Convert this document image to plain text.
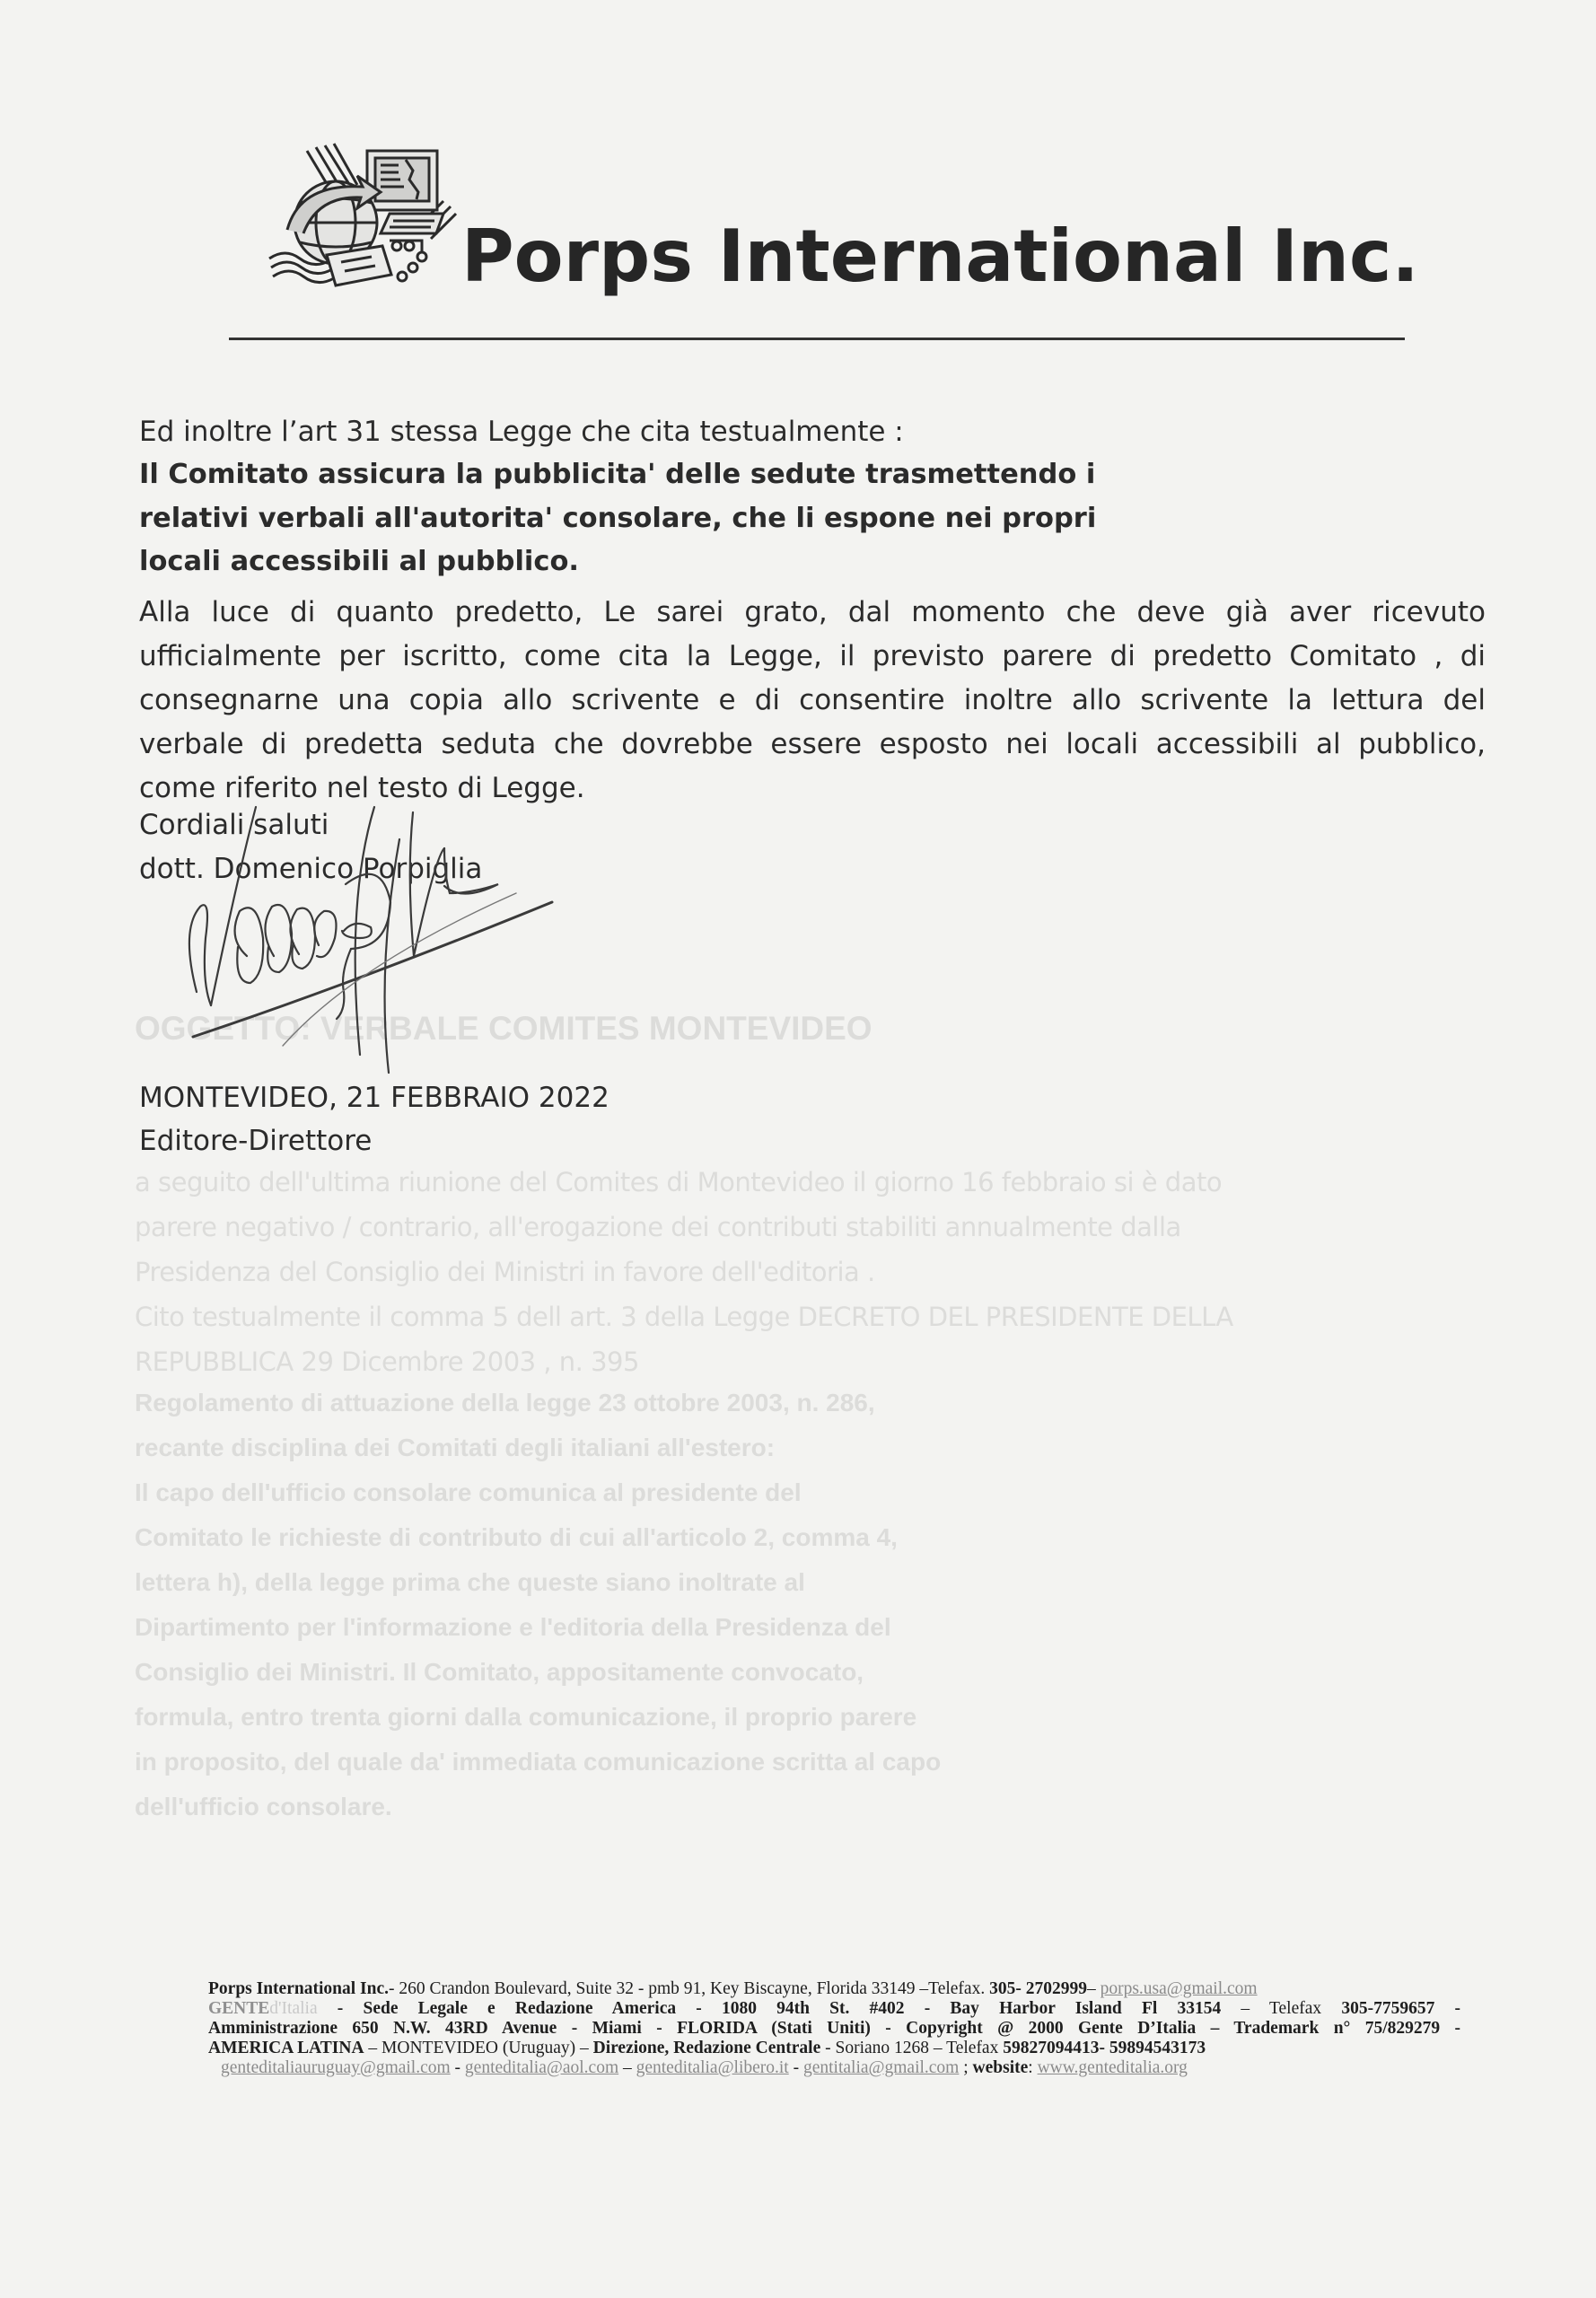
OGGETTO: VERBALE COMITES MONTEVIDEO
a seguito dell'ultima riunione del Comites di Montevideo il giorno 16 febbraio si è dato
parere negativo / contrario, all'erogazione dei contributi stabiliti annualmente dalla
Presidenza del Consiglio dei Ministri in favore dell'editoria .
Cito testualmente il comma 5 dell art. 3 della Legge DECRETO DEL PRESIDENTE DELLA
REPUBBLICA 29 Dicembre 2003 , n. 395
Regolamento di attuazione della legge 23 ottobre 2003, n. 286,
recante disciplina dei Comitati degli italiani all'estero:
Il capo dell'ufficio consolare comunica al presidente del
Comitato le richieste di contributo di cui all'articolo 2, comma 4,
lettera h), della legge prima che queste siano inoltrate al
Dipartimento per l'informazione e l'editoria della Presidenza del
Consiglio dei Ministri. Il Comitato, appositamente convocato,
formula, entro trenta giorni dalla comunicazione, il proprio parere
in proposito, del quale da' immediata comunicazione scritta al capo
dell'ufficio consolare.
Porps International Inc.
Ed inoltre l’art 31 stessa Legge che cita testualmente :
Il Comitato assicura la pubblicita' delle sedute trasmettendo i
relativi verbali all'autorita' consolare, che li espone nei propri
locali accessibili al pubblico.
Alla luce di quanto predetto, Le sarei grato, dal momento che deve già aver ricevuto
ufficialmente per iscritto, come cita la Legge, il previsto parere di predetto Comitato , di
consegnarne una copia allo scrivente e di consentire inoltre allo scrivente la lettura del
verbale di predetta seduta che dovrebbe essere esposto nei locali accessibili al pubblico,
come riferito nel testo di Legge.
Cordiali saluti
dott. Domenico Porpiglia
MONTEVIDEO, 21 FEBBRAIO 2022
Editore-Direttore
Porps International Inc.- 260 Crandon Boulevard, Suite 32 - pmb 91, Key Biscayne, Florida 33149 –Telefax. 305- 2702999– porps.usa@gmail.com
GENTEd'Italia - Sede Legale e Redazione America - 1080 94th St. #402 - Bay Harbor Island Fl 33154 – Telefax 305-7759657 -
Amministrazione 650 N.W. 43RD Avenue - Miami - FLORIDA (Stati Uniti) - Copyright @ 2000 Gente D’Italia – Trademark n° 75/829279 -
AMERICA LATINA – MONTEVIDEO (Uruguay) – Direzione, Redazione Centrale - Soriano 1268 – Telefax 59827094413- 59894543173
genteditaliauruguay@gmail.com - genteditalia@aol.com – genteditalia@libero.it - gentitalia@gmail.com ; website: www.genteditalia.org
